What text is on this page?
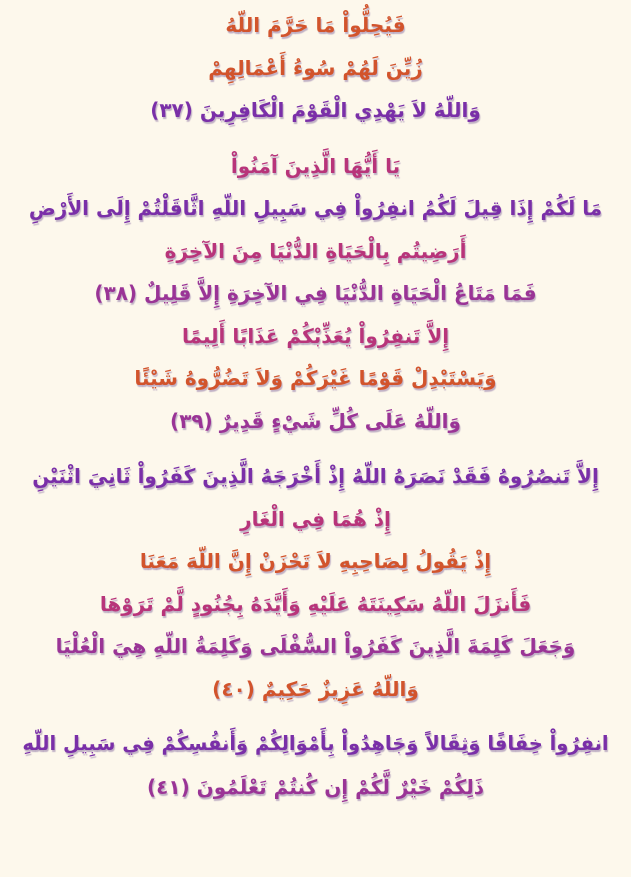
فَيُحِلُّواْ مَا حَرَّمَ اللّهُ
زُيِّنَ لَهُمْ سُوءُ أَعْمَالِهِمْ
وَاللّهُ لاَ يَهْدِي الْقَوْمَ الْكَافِرِينَ (٣٧)
يَا أَيُّهَا الَّذِينَ آمَنُواْ
مَا لَكُمْ إِذَا قِيلَ لَكُمُ انفِرُواْ فِي سَبِيلِ اللّهِ اثَّاقَلْتُمْ إِلَى الأَرْضِ
أَرَضِيتُم بِالْحَيَاةِ الدُّنْيَا مِنَ الآخِرَةِ
فَمَا مَتَاعُ الْحَيَاةِ الدُّنْيَا فِي الآخِرَةِ إِلاَّ قَلِيلٌ (٣٨)
إِلاَّ تَنفِرُواْ يُعَذِّبْكُمْ عَذَابًا أَلِيمًا
وَيَسْتَبْدِلْ قَوْمًا غَيْرَكُمْ وَلاَ تَضُرُّوهُ شَيْئًا
وَاللّهُ عَلَى كُلِّ شَيْءٍ قَدِيرٌ (٣٩)
إِلاَّ تَنصُرُوهُ فَقَدْ نَصَرَهُ اللّهُ إِذْ أَخْرَجَهُ الَّذِينَ كَفَرُواْ ثَانِيَ اثْنَيْنِ
إِذْ هُمَا فِي الْغَارِ
إِذْ يَقُولُ لِصَاحِبِهِ لاَ تَحْزَنْ إِنَّ اللّهَ مَعَنَا
فَأَنزَلَ اللّهُ سَكِينَتَهُ عَلَيْهِ وَأَيَّدَهُ بِجُنُودٍ لَّمْ تَرَوْهَا
وَجَعَلَ كَلِمَةَ الَّذِينَ كَفَرُواْ السُّفْلَى وَكَلِمَةُ اللّهِ هِيَ الْعُلْيَا
وَاللّهُ عَزِيزٌ حَكِيمٌ (٤٠)
انفِرُواْ خِفَافًا وَثِقَالاً وَجَاهِدُواْ بِأَمْوَالِكُمْ وَأَنفُسِكُمْ فِي سَبِيلِ اللّهِ
ذَلِكُمْ خَيْرٌ لَّكُمْ إِن كُنتُمْ تَعْلَمُونَ (٤١)
